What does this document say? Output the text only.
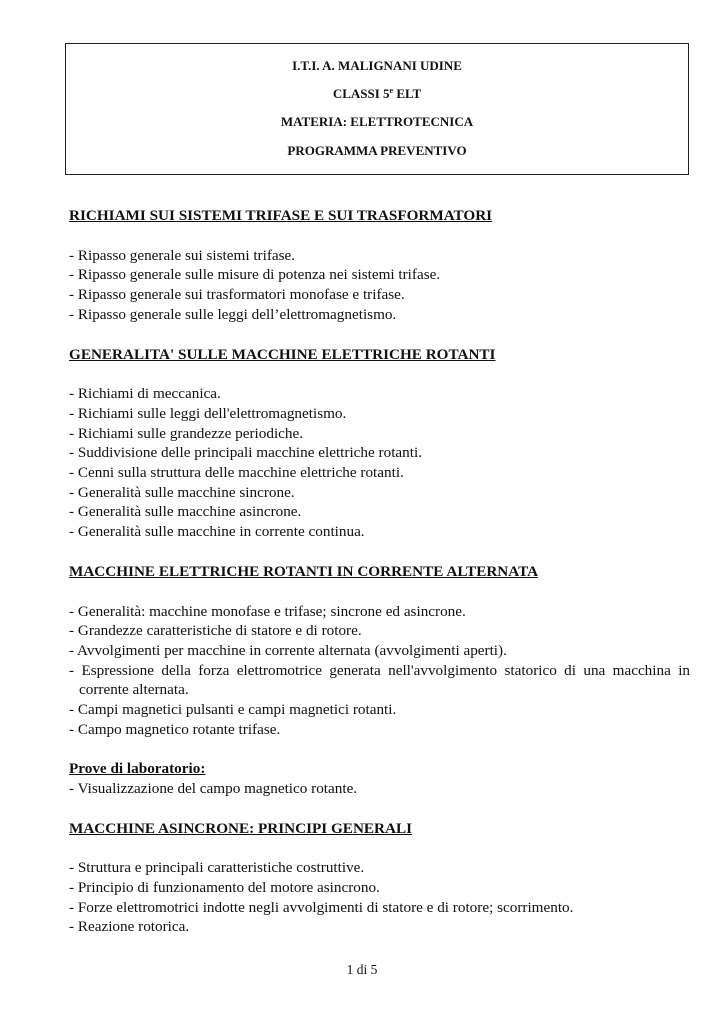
I.T.I. A. MALIGNANI UDINE
CLASSI 5e ELT
MATERIA: ELETTROTECNICA
PROGRAMMA PREVENTIVO

RICHIAMI SUI SISTEMI TRIFASE E SUI TRASFORMATORI

- Ripasso generale sui sistemi trifase.
- Ripasso generale sulle misure di potenza nei sistemi trifase.
- Ripasso generale sui trasformatori monofase e trifase.
- Ripasso generale sulle leggi dell’elettromagnetismo.

GENERALITA' SULLE MACCHINE ELETTRICHE ROTANTI

- Richiami di meccanica.
- Richiami sulle leggi dell'elettromagnetismo.
- Richiami sulle grandezze periodiche.
- Suddivisione delle principali macchine elettriche rotanti.
- Cenni sulla struttura delle macchine elettriche rotanti.
- Generalità sulle macchine sincrone.
- Generalità sulle macchine asincrone.
- Generalità sulle macchine in corrente continua.

MACCHINE ELETTRICHE ROTANTI IN CORRENTE ALTERNATA

- Generalità: macchine monofase e trifase; sincrone ed asincrone.
- Grandezze caratteristiche di statore e di rotore.
- Avvolgimenti per macchine in corrente alternata (avvolgimenti aperti).
- Espressione della forza elettromotrice generata nell'avvolgimento statorico di una macchina in corrente alternata.
- Campi magnetici pulsanti e campi magnetici rotanti.
- Campo magnetico rotante trifase.

Prove di laboratorio:

- Visualizzazione del campo magnetico rotante.

MACCHINE ASINCRONE: PRINCIPI GENERALI

- Struttura e principali caratteristiche costruttive.
- Principio di funzionamento del motore asincrono.
- Forze elettromotrici indotte negli avvolgimenti di statore e di rotore; scorrimento.
- Reazione rotorica.
1 di 5
